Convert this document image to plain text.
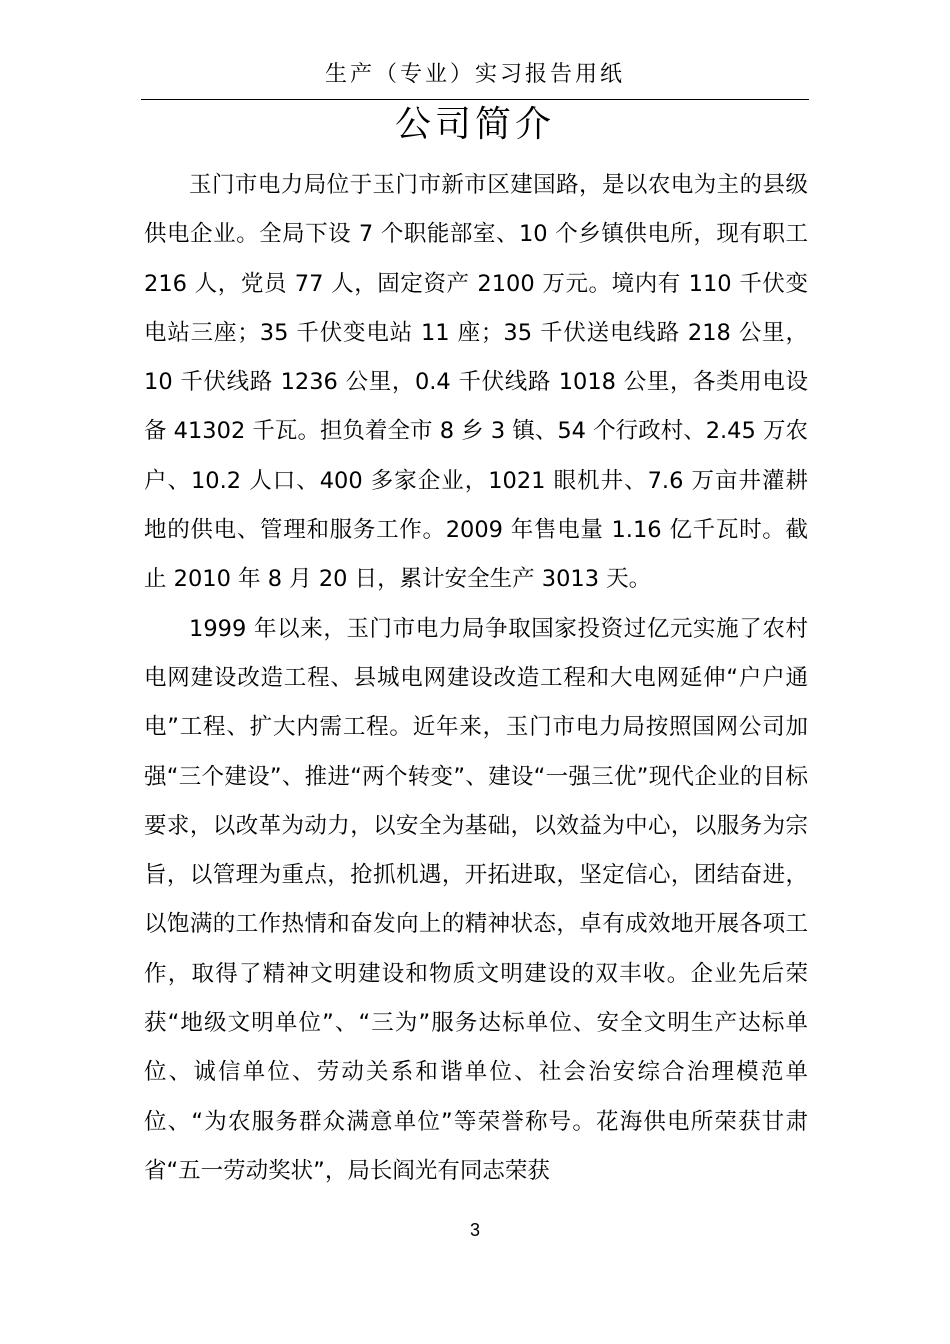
生产（专业）实习报告用纸
公司简介

玉门市电力局位于玉门市新市区建国路，是以农电为主的县级供电企业。全局下设 7 个职能部室、10 个乡镇供电所，现有职工 216 人，党员 77 人，固定资产 2100 万元。境内有 110 千伏变电站三座；35 千伏变电站 11 座；35 千伏送电线路 218 公里，10 千伏线路 1236 公里，0.4 千伏线路 1018 公里，各类用电设备 41302 千瓦。担负着全市 8 乡 3 镇、54 个行政村、2.45 万农户、10.2 人口、400 多家企业，1021 眼机井、7.6 万亩井灌耕地的供电、管理和服务工作。2009 年售电量 1.16 亿千瓦时。截止 2010 年 8 月 20 日，累计安全生产 3013 天。

1999 年以来，玉门市电力局争取国家投资过亿元实施了农村电网建设改造工程、县城电网建设改造工程和大电网延伸“户户通电”工程、扩大内需工程。近年来，玉门市电力局按照国网公司加强“三个建设”、推进“两个转变”、建设“一强三优”现代企业的目标要求，以改革为动力，以安全为基础，以效益为中心，以服务为宗旨，以管理为重点，抢抓机遇，开拓进取，坚定信心，团结奋进，以饱满的工作热情和奋发向上的精神状态，卓有成效地开展各项工作，取得了精神文明建设和物质文明建设的双丰收。企业先后荣获“地级文明单位”、“三为”服务达标单位、安全文明生产达标单位、诚信单位、劳动关系和谐单位、社会治安综合治理模范单位、“为农服务群众满意单位”等荣誉称号。花海供电所荣获甘肃省“五一劳动奖状”，局长阎光有同志荣获

3
